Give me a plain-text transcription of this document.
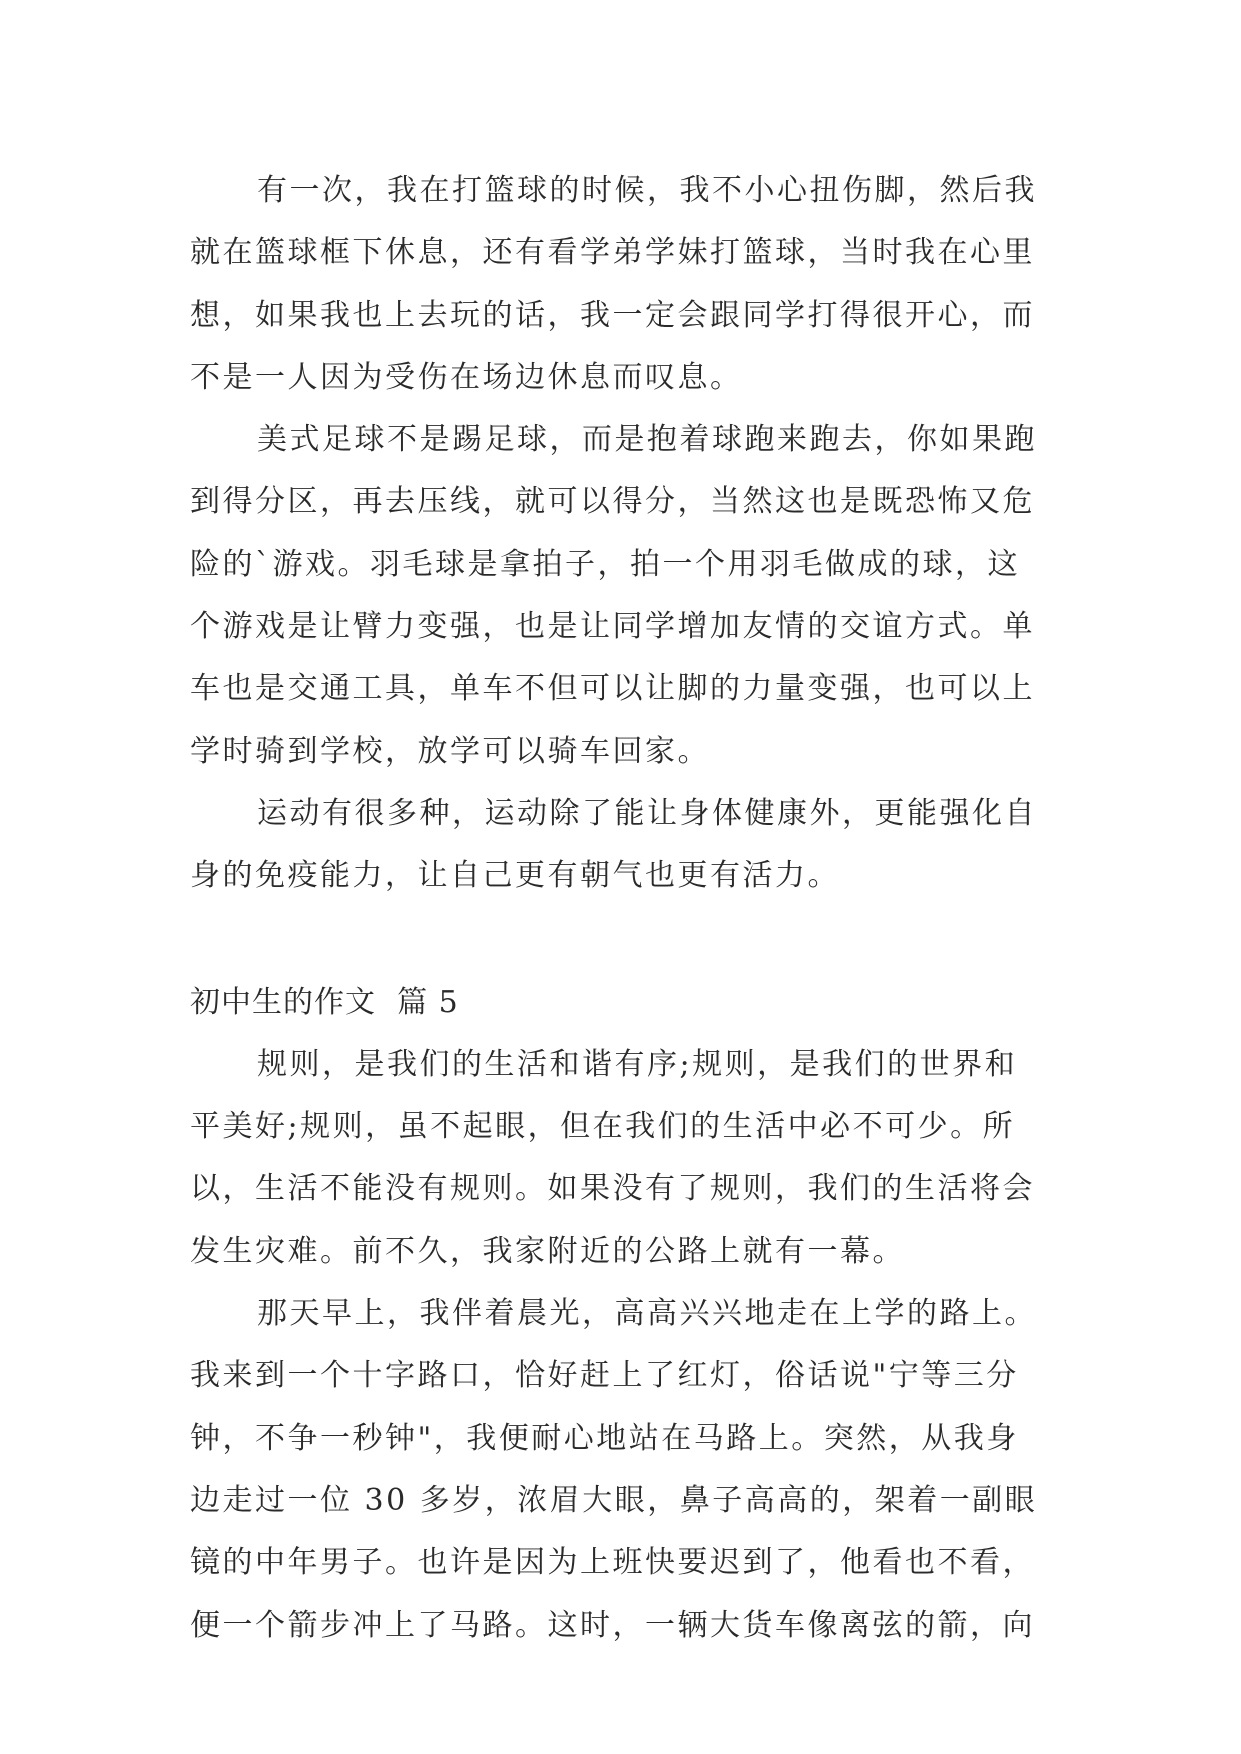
有一次，我在打篮球的时候，我不小心扭伤脚，然后我
就在篮球框下休息，还有看学弟学妹打篮球，当时我在心里
想，如果我也上去玩的话，我一定会跟同学打得很开心，而
不是一人因为受伤在场边休息而叹息。
美式足球不是踢足球，而是抱着球跑来跑去，你如果跑
到得分区，再去压线，就可以得分，当然这也是既恐怖又危
险的`游戏。羽毛球是拿拍子，拍一个用羽毛做成的球，这
个游戏是让臂力变强，也是让同学增加友情的交谊方式。单
车也是交通工具，单车不但可以让脚的力量变强，也可以上
学时骑到学校，放学可以骑车回家。
运动有很多种，运动除了能让身体健康外，更能强化自
身的免疫能力，让自己更有朝气也更有活力。
初中生的作文  篇 5
规则，是我们的生活和谐有序;规则，是我们的世界和
平美好;规则，虽不起眼，但在我们的生活中必不可少。所
以，生活不能没有规则。如果没有了规则，我们的生活将会
发生灾难。前不久，我家附近的公路上就有一幕。
那天早上，我伴着晨光，高高兴兴地走在上学的路上。
我来到一个十字路口，恰好赶上了红灯，俗话说"宁等三分
钟，不争一秒钟"，我便耐心地站在马路上。突然，从我身
边走过一位 30 多岁，浓眉大眼，鼻子高高的，架着一副眼
镜的中年男子。也许是因为上班快要迟到了，他看也不看，
便一个箭步冲上了马路。这时，一辆大货车像离弦的箭，向
